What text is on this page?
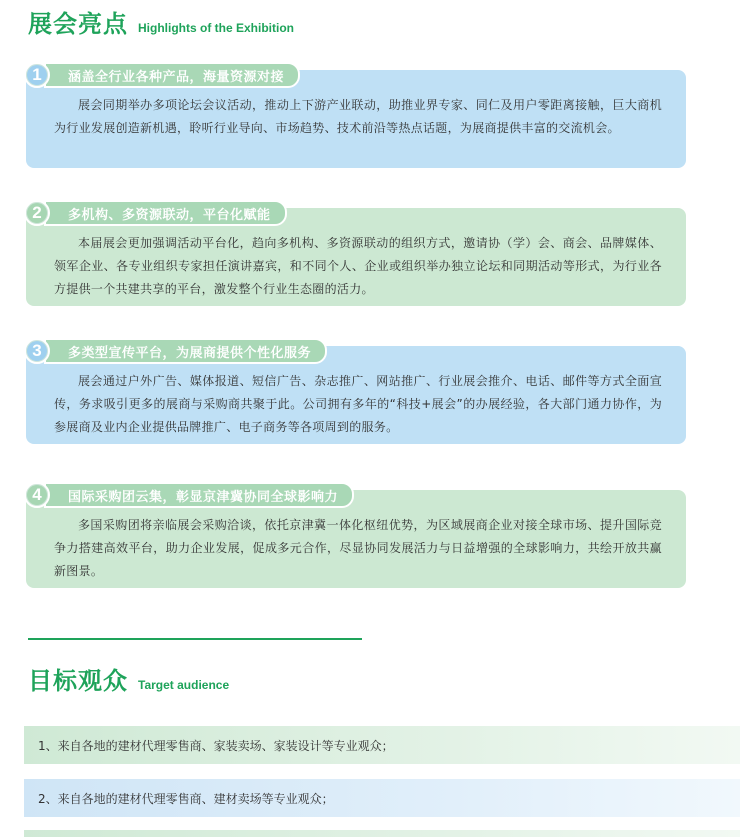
展会亮点 Highlights of the Exhibition
1	涵盖全行业各种产品，海量资源对接
展会同期举办多项论坛会议活动，推动上下游产业联动，助推业界专家、同仁及用户零距离接触，巨大商机为行业发展创造新机遇，聆听行业导向、市场趋势、技术前沿等热点话题，为展商提供丰富的交流机会。
2	多机构、多资源联动，平台化赋能
本届展会更加强调活动平台化，趋向多机构、多资源联动的组织方式，邀请协（学）会、商会、品牌媒体、领军企业、各专业组织专家担任演讲嘉宾，和不同个人、企业或组织举办独立论坛和同期活动等形式，为行业各方提供一个共建共享的平台，激发整个行业生态圈的活力。
3	多类型宣传平台，为展商提供个性化服务
展会通过户外广告、媒体报道、短信广告、杂志推广、网站推广、行业展会推介、电话、邮件等方式全面宣传，务求吸引更多的展商与采购商共聚于此。公司拥有多年的“科技+展会”的办展经验，各大部门通力协作，为参展商及业内企业提供品牌推广、电子商务等各项周到的服务。
4	国际采购团云集，彰显京津冀协同全球影响力
多国采购团将亲临展会采购洽谈，依托京津冀一体化枢纽优势，为区域展商企业对接全球市场、提升国际竞争力搭建高效平台，助力企业发展，促成多元合作，尽显协同发展活力与日益增强的全球影响力，共绘开放共赢新图景。
目标观众 Target audience
1、来自各地的建材代理零售商、家装卖场、家装设计等专业观众；
2、来自各地的建材代理零售商、建材卖场等专业观众；
